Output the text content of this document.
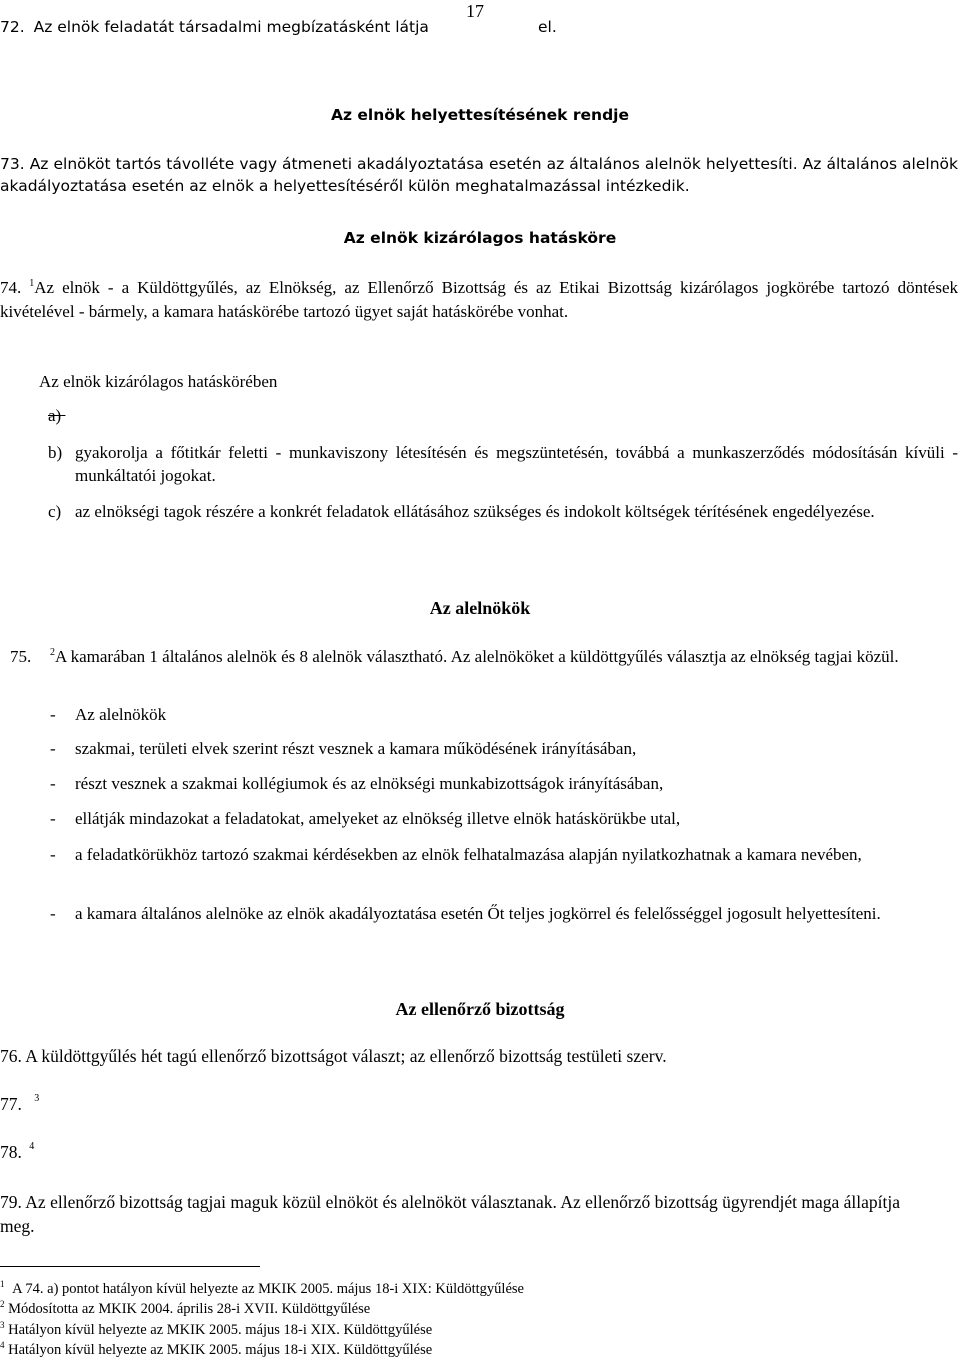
17
72. Az elnök feladatát társadalmi megbízatásként látja	el.
Az elnök helyettesítésének rendje
73. Az elnököt tartós távolléte vagy átmeneti akadályoztatása esetén az általános alelnök helyettesíti. Az általános alelnök akadályoztatása esetén az elnök a helyettesítéséről külön meghatalmazással intézkedik.
Az elnök kizárólagos hatásköre
74. $^1$Az elnök - a Küldöttgyűlés, az Elnökség, az Ellenőrző Bizottság és az Etikai Bizottság kizárólagos jogkörébe tartozó döntések kivételével - bármely, a kamara hatáskörébe tartozó ügyet saját hatáskörébe vonhat.
Az elnök kizárólagos hatáskörében
a)
b) gyakorolja a főtitkár feletti - munkaviszony létesítésén és megszüntetésén, továbbá a munkaszerződés módosításán kívüli - munkáltatói jogokat.
c) az elnökségi tagok részére a konkrét feladatok ellátásához szükséges és indokolt költségek térítésének engedélyezése.
Az alelnökök
75. $^2$A kamarában 1 általános alelnök és 8 alelnök választható. Az alelnököket a küldöttgyűlés választja az elnökség tagjai közül.
- Az alelnökök
- szakmai, területi elvek szerint részt vesznek a kamara működésének irányításában,
- részt vesznek a szakmai kollégiumok és az elnökségi munkabizottságok irányításában,
- ellátják mindazokat a feladatokat, amelyeket az elnökség illetve elnök hatáskörükbe utal,
- a feladatkörükhöz tartozó szakmai kérdésekben az elnök felhatalmazása alapján nyilatkozhatnak a kamara nevében,
- a kamara általános alelnöke az elnök akadályoztatása esetén Őt teljes jogkörrel és felelősséggel jogosult helyettesíteni.
Az ellenőrző bizottság
76. A küldöttgyűlés hét tagú ellenőrző bizottságot választ; az ellenőrző bizottság testületi szerv.
77. $^3$
78. $^4$
79. Az ellenőrző bizottság tagjai maguk közül elnököt és alelnököt választanak. Az ellenőrző bizottság ügyrendjét maga állapítja meg.
$^1$ A 74. a) pontot hatályon kívül helyezte az MKIK 2005. május 18-i XIX: Küldöttgyűlése
$^2$ Módosította az MKIK 2004. április 28-i XVII. Küldöttgyűlése
$^3$ Hatályon kívül helyezte az MKIK 2005. május 18-i XIX. Küldöttgyűlése
$^4$ Hatályon kívül helyezte az MKIK 2005. május 18-i XIX. Küldöttgyűlése
